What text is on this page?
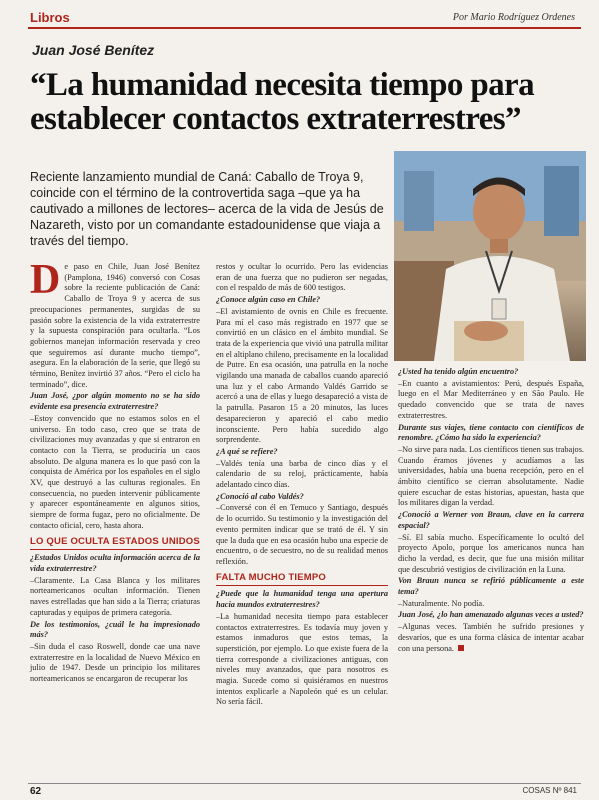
Libros	Por Mario Rodríguez Ordenes
Juan José Benítez
“La humanidad necesita tiempo para establecer contactos extraterrestres”
Reciente lanzamiento mundial de Caná: Caballo de Troya 9, coincide con el término de la controvertida saga –que ya ha cautivado a millones de lectores– acerca de la vida de Jesús de Nazareth, visto por un comandante estadounidense que viaja a través del tiempo.

D e paso en Chile, Juan José Benítez (Pamplona, 1946) conversó con Cosas sobre la reciente publicación de Caná: Caballo de Troya 9 y acerca de sus preocupaciones permanentes, surgidas de su pasión sobre la existencia de la vida extraterrestre y la supuesta conspiración para ocultarla. “Los gobiernos manejan información reservada y creo que seguiremos así durante mucho tiempo”, asegura. En la elaboración de la serie, que llegó su término, Benítez invirtió 37 años. “Pero el ciclo ha terminado”, dice.

Juan José, ¿por algún momento no se ha sido evidente esa presencia extraterrestre?

–Estoy convencido que no estamos solos en el universo. En todo caso, creo que se trata de civilizaciones muy avanzadas y que si entraron en contacto con la Tierra, se produciría un caos absoluto. De alguna manera es lo que pasó con la conquista de América por los españoles en el siglo XV, que destruyó a las culturas regionales. En consecuencia, no pueden intervenir públicamente y aparecer espontáneamente en algunos sitios, siempre de forma fugaz, pero no oficialmente. De contacto oficial, cero, hasta ahora.

LO QUE OCULTA ESTADOS UNIDOS

¿Estados Unidos oculta información acerca de la vida extraterrestre?

–Claramente. La Casa Blanca y los militares norteamericanos ocultan información. Tienen naves estrelladas que han sido a la Tierra; criaturas capturadas y equipos de primera categoría.

De los testimonios, ¿cuál le ha impresionado más?

–Sin duda el caso Roswell, donde cae una nave extraterrestre en la localidad de Nuevo México en julio de 1947. Desde un principio los militares norteamericanos se encargaron de recuperar los

restos y ocultar lo ocurrido. Pero las evidencias eran de una fuerza que no pudieron ser negadas, con el respaldo de más de 600 testigos.

¿Conoce algún caso en Chile?

–El avistamiento de ovnis en Chile es frecuente. Para mí el caso más registrado en 1977 que se convirtió en un clásico en el ámbito mundial. Se trata de la experiencia que vivió una patrulla militar en el altiplano chileno, precisamente en la localidad de Putre. En esa ocasión, una patrulla en la noche vigilando una manada de caballos cuando apareció una luz y el cabo Armando Valdés Garrido se acercó a una de ellas y luego desapareció a vista de la patrulla. Pasaron 15 a 20 minutos, las luces desaparecieron y apareció el cabo medio inconsciente. Pero había sucedido algo sorprendente.

¿A qué se refiere?

–Valdés tenía una barba de cinco días y el calendario de su reloj, prácticamente, había adelantado cinco días.

¿Conoció al cabo Valdés?

–Conversé con él en Temuco y Santiago, después de lo ocurrido. Su testimonio y la investigación del evento permiten indicar que se trató de él. Y sin que la duda que en esa ocasión hubo una especie de encuentro, o de secuestro, no de su realidad menos reflexión.

FALTA MUCHO TIEMPO

¿Puede que la humanidad tenga una apertura hacia mundos extraterrestres?

–La humanidad necesita tiempo para establecer contactos extraterrestres. Es todavía muy joven y estamos inmaduros que estos temas, la superstición, por ejemplo. Lo que existe fuera de la tierra corresponde a civilizaciones antiguas, con niveles muy avanzados, que para nosotros es magia. Sucede como si quisiéramos en nuestros intentos explicarle a Napoleón qué es un celular. No sería fácil.

¿Usted ha tenido algún encuentro?

–En cuanto a avistamientos: Perú, después España, luego en el Mar Mediterráneo y en São Paulo. He quedado convencido que se trata de naves extraterrestres.

Durante sus viajes, tiene contacto con científicos de renombre. ¿Cómo ha sido la experiencia?

–No sirve para nada. Los científicos tienen sus trabajos. Cuando éramos jóvenes y acudíamos a las universidades, había una buena recepción, pero en el ámbito científico se cierran absolutamente. Nadie quiere escuchar de estas historias, apuestan, hasta que los militares digan la verdad.

¿Conoció a Werner von Braun, clave en la carrera espacial?

–Sí. El sabía mucho. Específicamente lo ocultó del proyecto Apolo, porque los americanos nunca han dicho la verdad, es decir, que fue una misión militar que descubrió vestigios de civilización en la Luna.

Von Braun nunca se refirió públicamente a este tema?

–Naturalmente. No podía.

Juan José, ¿lo han amenazado algunas veces a usted?

–Algunas veces. También he sufrido presiones y desvaríos, que es una forma clásica de intentar acabar con una persona.

62	COSAS Nº 841
